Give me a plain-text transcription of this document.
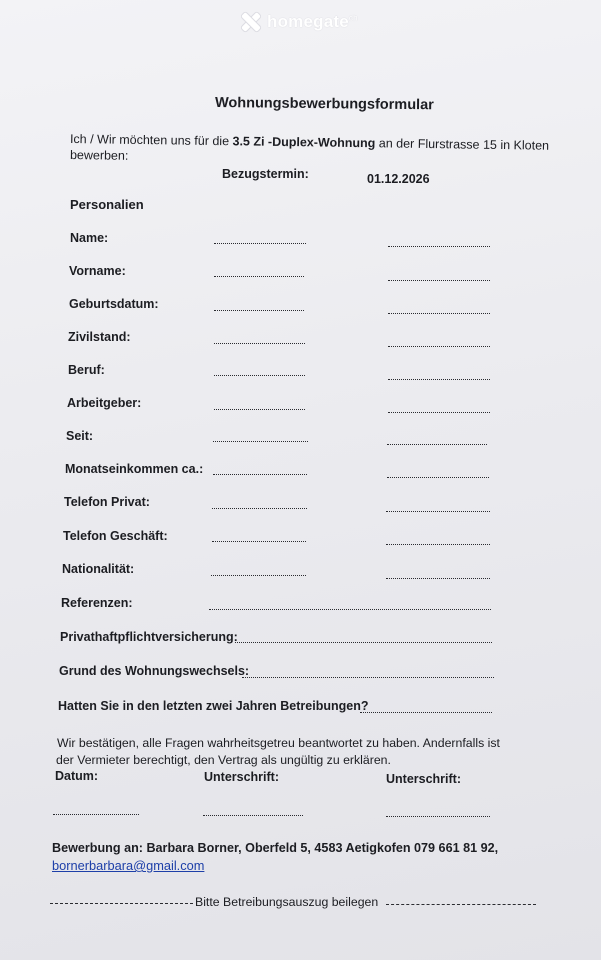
homegate$^{ch}$
Wohnungsbewerbungsformular
Ich / Wir möchten uns für die 3.5 Zi -Duplex-Wohnung an der Flurstrasse 15 in Kloten
bewerben:
Bezugstermin:	01.12.2026
Personalien
Name:
Vorname:
Geburtsdatum:
Zivilstand:
Beruf:
Arbeitgeber:
Seit:
Monatseinkommen ca.:
Telefon Privat:
Telefon Geschäft:
Nationalität:
Referenzen:
Privathaftpflichtversicherung:
Grund des Wohnungswechsels:
Hatten Sie in den letzten zwei Jahren Betreibungen?
Wir bestätigen, alle Fragen wahrheitsgetreu beantwortet zu haben. Andernfalls ist
der Vermieter berechtigt, den Vertrag als ungültig zu erklären.
Datum:	Unterschrift:	Unterschrift:
Bewerbung an: Barbara Borner, Oberfeld 5, 4583 Aetigkofen 079 661 81 92,
bornerbarbara@gmail.com
Bitte Betreibungsauszug beilegen
